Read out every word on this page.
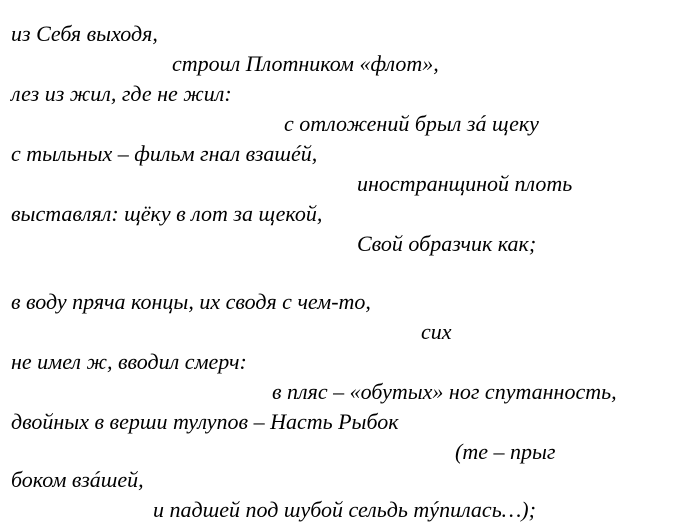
из Себя выходя,
строил Плотником «флот»,
лез из жил, где не жил:
с отложений брыл зá щеку
с тыльных – фильм гнал взашéй,
иностранщиной плоть
выставлял: щёку в лот за щекой,
Свой образчик как;
в воду пряча концы, их сводя с чем-то,
сих
не имел ж, вводил смерч:
в пляс – «обутых» ног спутанность,
двойных в верши тулупов – Насть Рыбок
(те – прыг
боком взáшей,
и падшей под шубой сельдь тýпилась…);
